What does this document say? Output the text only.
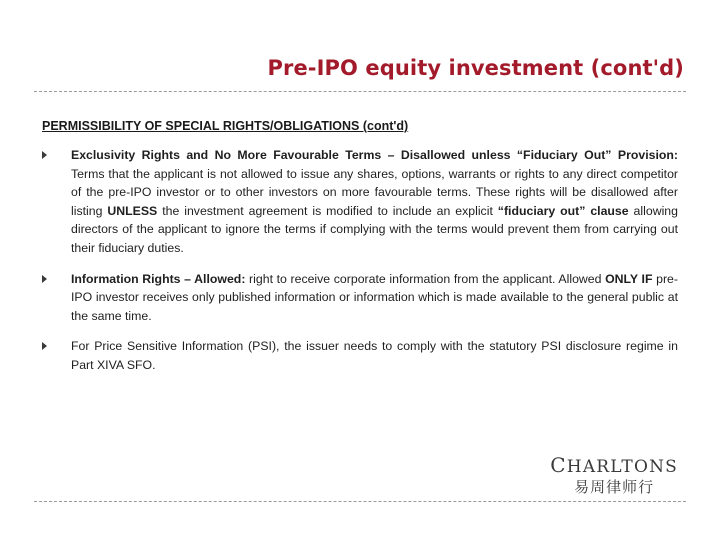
Pre-IPO equity investment (cont'd)
PERMISSIBILITY OF SPECIAL RIGHTS/OBLIGATIONS (cont'd)
Exclusivity Rights and No More Favourable Terms – Disallowed unless “Fiduciary Out” Provision: Terms that the applicant is not allowed to issue any shares, options, warrants or rights to any direct competitor of the pre-IPO investor or to other investors on more favourable terms. These rights will be disallowed after listing UNLESS the investment agreement is modified to include an explicit “fiduciary out” clause allowing directors of the applicant to ignore the terms if complying with the terms would prevent them from carrying out their fiduciary duties.
Information Rights – Allowed: right to receive corporate information from the applicant. Allowed ONLY IF pre-IPO investor receives only published information or information which is made available to the general public at the same time.
For Price Sensitive Information (PSI), the issuer needs to comply with the statutory PSI disclosure regime in Part XIVA SFO.
CHARLTONS
易周律师行
